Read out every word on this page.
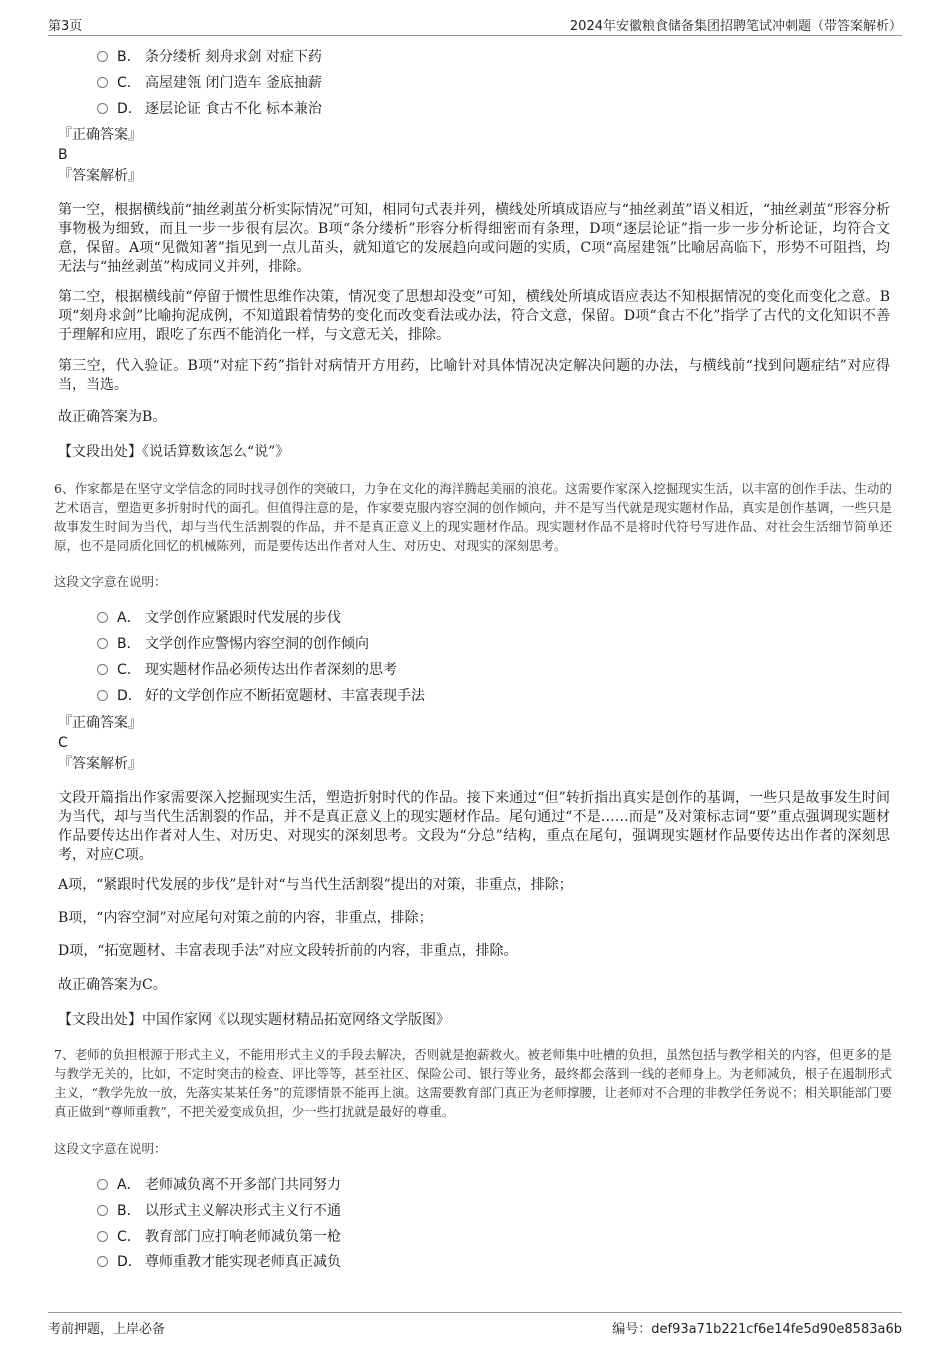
第3页	2024年安徽粮食储备集团招聘笔试冲刺题（带答案解析）
B. 条分缕析 刻舟求剑 对症下药
C. 高屋建瓴 闭门造车 釜底抽薪
D. 逐层论证 食古不化 标本兼治
『正确答案』
B
『答案解析』
第一空，根据横线前“抽丝剥茧分析实际情况”可知，相同句式表并列，横线处所填成语应与“抽丝剥茧”语义相近，“抽丝剥茧”形容分析事物极为细致，而且一步一步很有层次。B项“条分缕析”形容分析得细密而有条理，D项“逐层论证”指一步一步分析论证，均符合文意，保留。A项“见微知著”指见到一点儿苗头，就知道它的发展趋向或问题的实质，C项“高屋建瓴”比喻居高临下，形势不可阻挡，均无法与“抽丝剥茧”构成同义并列，排除。
第二空，根据横线前“停留于惯性思维作决策，情况变了思想却没变”可知，横线处所填成语应表达不知根据情况的变化而变化之意。B项“刻舟求剑”比喻拘泥成例，不知道跟着情势的变化而改变看法或办法，符合文意，保留。D项“食古不化”指学了古代的文化知识不善于理解和应用，跟吃了东西不能消化一样，与文意无关，排除。
第三空，代入验证。B项“对症下药”指针对病情开方用药，比喻针对具体情况决定解决问题的办法，与横线前“找到问题症结”对应得当，当选。
故正确答案为B。
【文段出处】《说话算数该怎么“说”》
6、作家都是在坚守文学信念的同时找寻创作的突破口，力争在文化的海洋腾起美丽的浪花。这需要作家深入挖掘现实生活，以丰富的创作手法、生动的艺术语言，塑造更多折射时代的面孔。但值得注意的是，作家要克服内容空洞的创作倾向，并不是写当代就是现实题材作品，真实是创作基调，一些只是故事发生时间为当代，却与当代生活割裂的作品，并不是真正意义上的现实题材作品。现实题材作品不是将时代符号写进作品、对社会生活细节简单还原，也不是同质化回忆的机械陈列，而是要传达出作者对人生、对历史、对现实的深刻思考。
这段文字意在说明：
A． 文学创作应紧跟时代发展的步伐
B． 文学创作应警惕内容空洞的创作倾向
C． 现实题材作品必须传达出作者深刻的思考
D． 好的文学创作应不断拓宽题材、丰富表现手法
『正确答案』
C
『答案解析』
文段开篇指出作家需要深入挖掘现实生活，塑造折射时代的作品。接下来通过“但”转折指出真实是创作的基调，一些只是故事发生时间为当代，却与当代生活割裂的作品，并不是真正意义上的现实题材作品。尾句通过“不是……而是”及对策标志词“要”重点强调现实题材作品要传达出作者对人生、对历史、对现实的深刻思考。文段为“分总”结构，重点在尾句，强调现实题材作品要传达出作者的深刻思考，对应C项。
A项，“紧跟时代发展的步伐”是针对“与当代生活割裂”提出的对策，非重点，排除；
B项，“内容空洞”对应尾句对策之前的内容，非重点，排除；
D项，“拓宽题材、丰富表现手法”对应文段转折前的内容，非重点，排除。
故正确答案为C。
【文段出处】中国作家网《以现实题材精品拓宽网络文学版图》
7、老师的负担根源于形式主义，不能用形式主义的手段去解决，否则就是抱薪救火。被老师集中吐槽的负担，虽然包括与教学相关的内容，但更多的是与教学无关的，比如，不定时突击的检查、评比等等，甚至社区、保险公司、银行等业务，最终都会落到一线的老师身上。为老师减负，根子在遏制形式主义，“教学先放一放，先落实某某任务”的荒谬情景不能再上演。这需要教育部门真正为老师撑腰，让老师对不合理的非教学任务说不；相关职能部门要真正做到“尊师重教”，不把关爱变成负担，少一些打扰就是最好的尊重。
这段文字意在说明：
A． 老师减负离不开多部门共同努力
B． 以形式主义解决形式主义行不通
C． 教育部门应打响老师减负第一枪
D． 尊师重教才能实现老师真正减负
考前押题，上岸必备	编号：def93a71b221cf6e14fe5d90e8583a6b
